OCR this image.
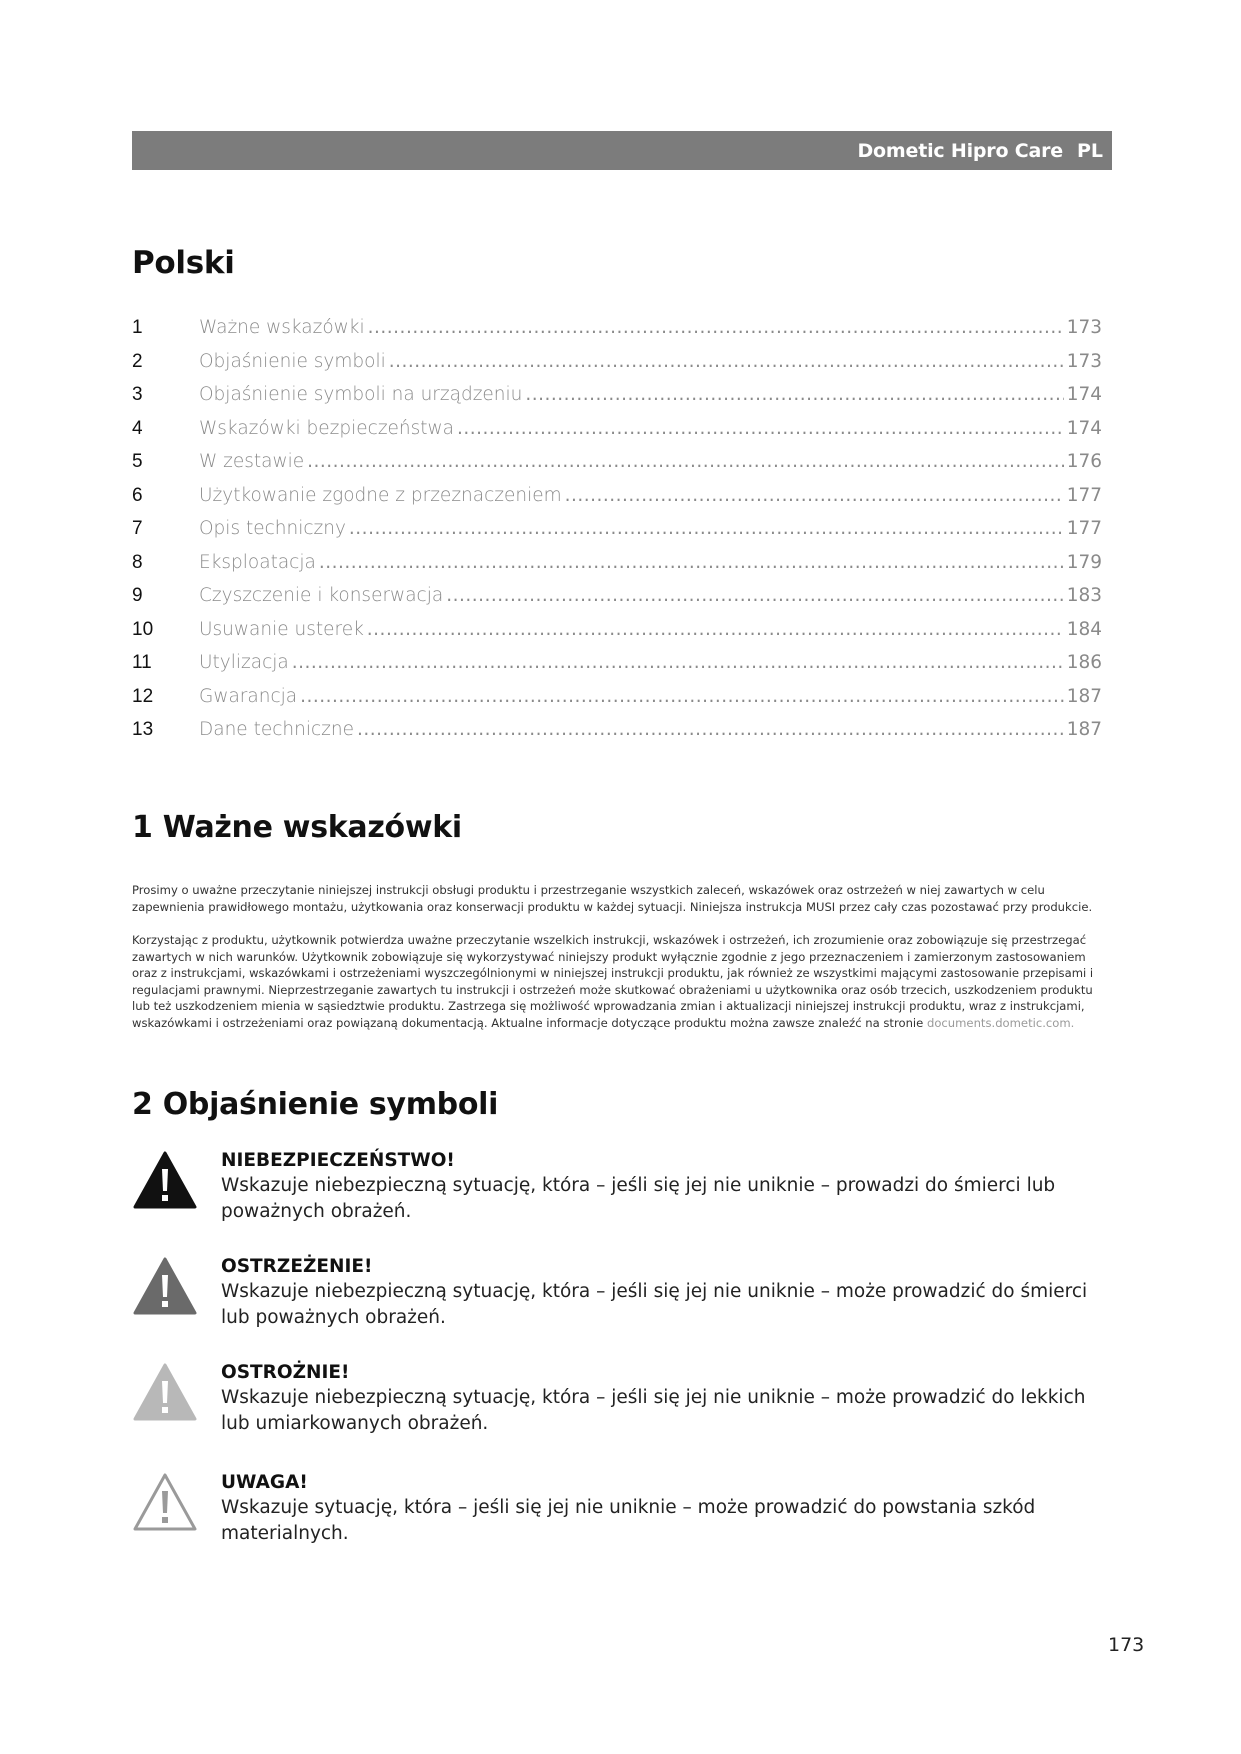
Dometic Hipro Care PL
Polski
1	Ważne wskazówki .....	173
2	Objaśnienie symboli .....	173
3	Objaśnienie symboli na urządzeniu .....	174
4	Wskazówki bezpieczeństwa .....	174
5	W zestawie .....	176
6	Użytkowanie zgodne z przeznaczeniem .....	177
7	Opis techniczny .....	177
8	Eksploatacja .....	179
9	Czyszczenie i konserwacja .....	183
10	Usuwanie usterek .....	184
11	Utylizacja .....	186
12	Gwarancja .....	187
13	Dane techniczne .....	187
1 Ważne wskazówki
Prosimy o uważne przeczytanie niniejszej instrukcji obsługi produktu i przestrzeganie wszystkich zaleceń, wskazówek oraz ostrzeżeń w niej zawartych w celu zapewnienia prawidłowego montażu, użytkowania oraz konserwacji produktu w każdej sytuacji. Niniejsza instrukcja MUSI przez cały czas pozostawać przy produkcie.
Korzystając z produktu, użytkownik potwierdza uważne przeczytanie wszelkich instrukcji, wskazówek i ostrzeżeń, ich zrozumienie oraz zobowiązuje się przestrzegać zawartych w nich warunków. Użytkownik zobowiązuje się wykorzystywać niniejszy produkt wyłącznie zgodnie z jego przeznaczeniem i zamierzonym zastosowaniem oraz z instrukcjami, wskazówkami i ostrzeżeniami wyszczególnionymi w niniejszej instrukcji produktu, jak również ze wszystkimi mającymi zastosowanie przepisami i regulacjami prawnymi. Nieprzestrzeganie zawartych tu instrukcji i ostrzeżeń może skutkować obrażeniami u użytkownika oraz osób trzecich, uszkodzeniem produktu lub też uszkodzeniem mienia w sąsiedztwie produktu. Zastrzega się możliwość wprowadzania zmian i aktualizacji niniejszej instrukcji produktu, wraz z instrukcjami, wskazówkami i ostrzeżeniami oraz powiązaną dokumentacją. Aktualne informacje dotyczące produktu można zawsze znaleźć na stronie documents.dometic.com.
2 Objaśnienie symboli
NIEBEZPIECZEŃSTWO!
Wskazuje niebezpieczną sytuację, która – jeśli się jej nie uniknie – prowadzi do śmierci lub poważnych obrażeń.
OSTRZEŻENIE!
Wskazuje niebezpieczną sytuację, która – jeśli się jej nie uniknie – może prowadzić do śmierci lub poważnych obrażeń.
OSTROŻNIE!
Wskazuje niebezpieczną sytuację, która – jeśli się jej nie uniknie – może prowadzić do lekkich lub umiarkowanych obrażeń.
UWAGA!
Wskazuje sytuację, która – jeśli się jej nie uniknie – może prowadzić do powstania szkód materialnych.
173
